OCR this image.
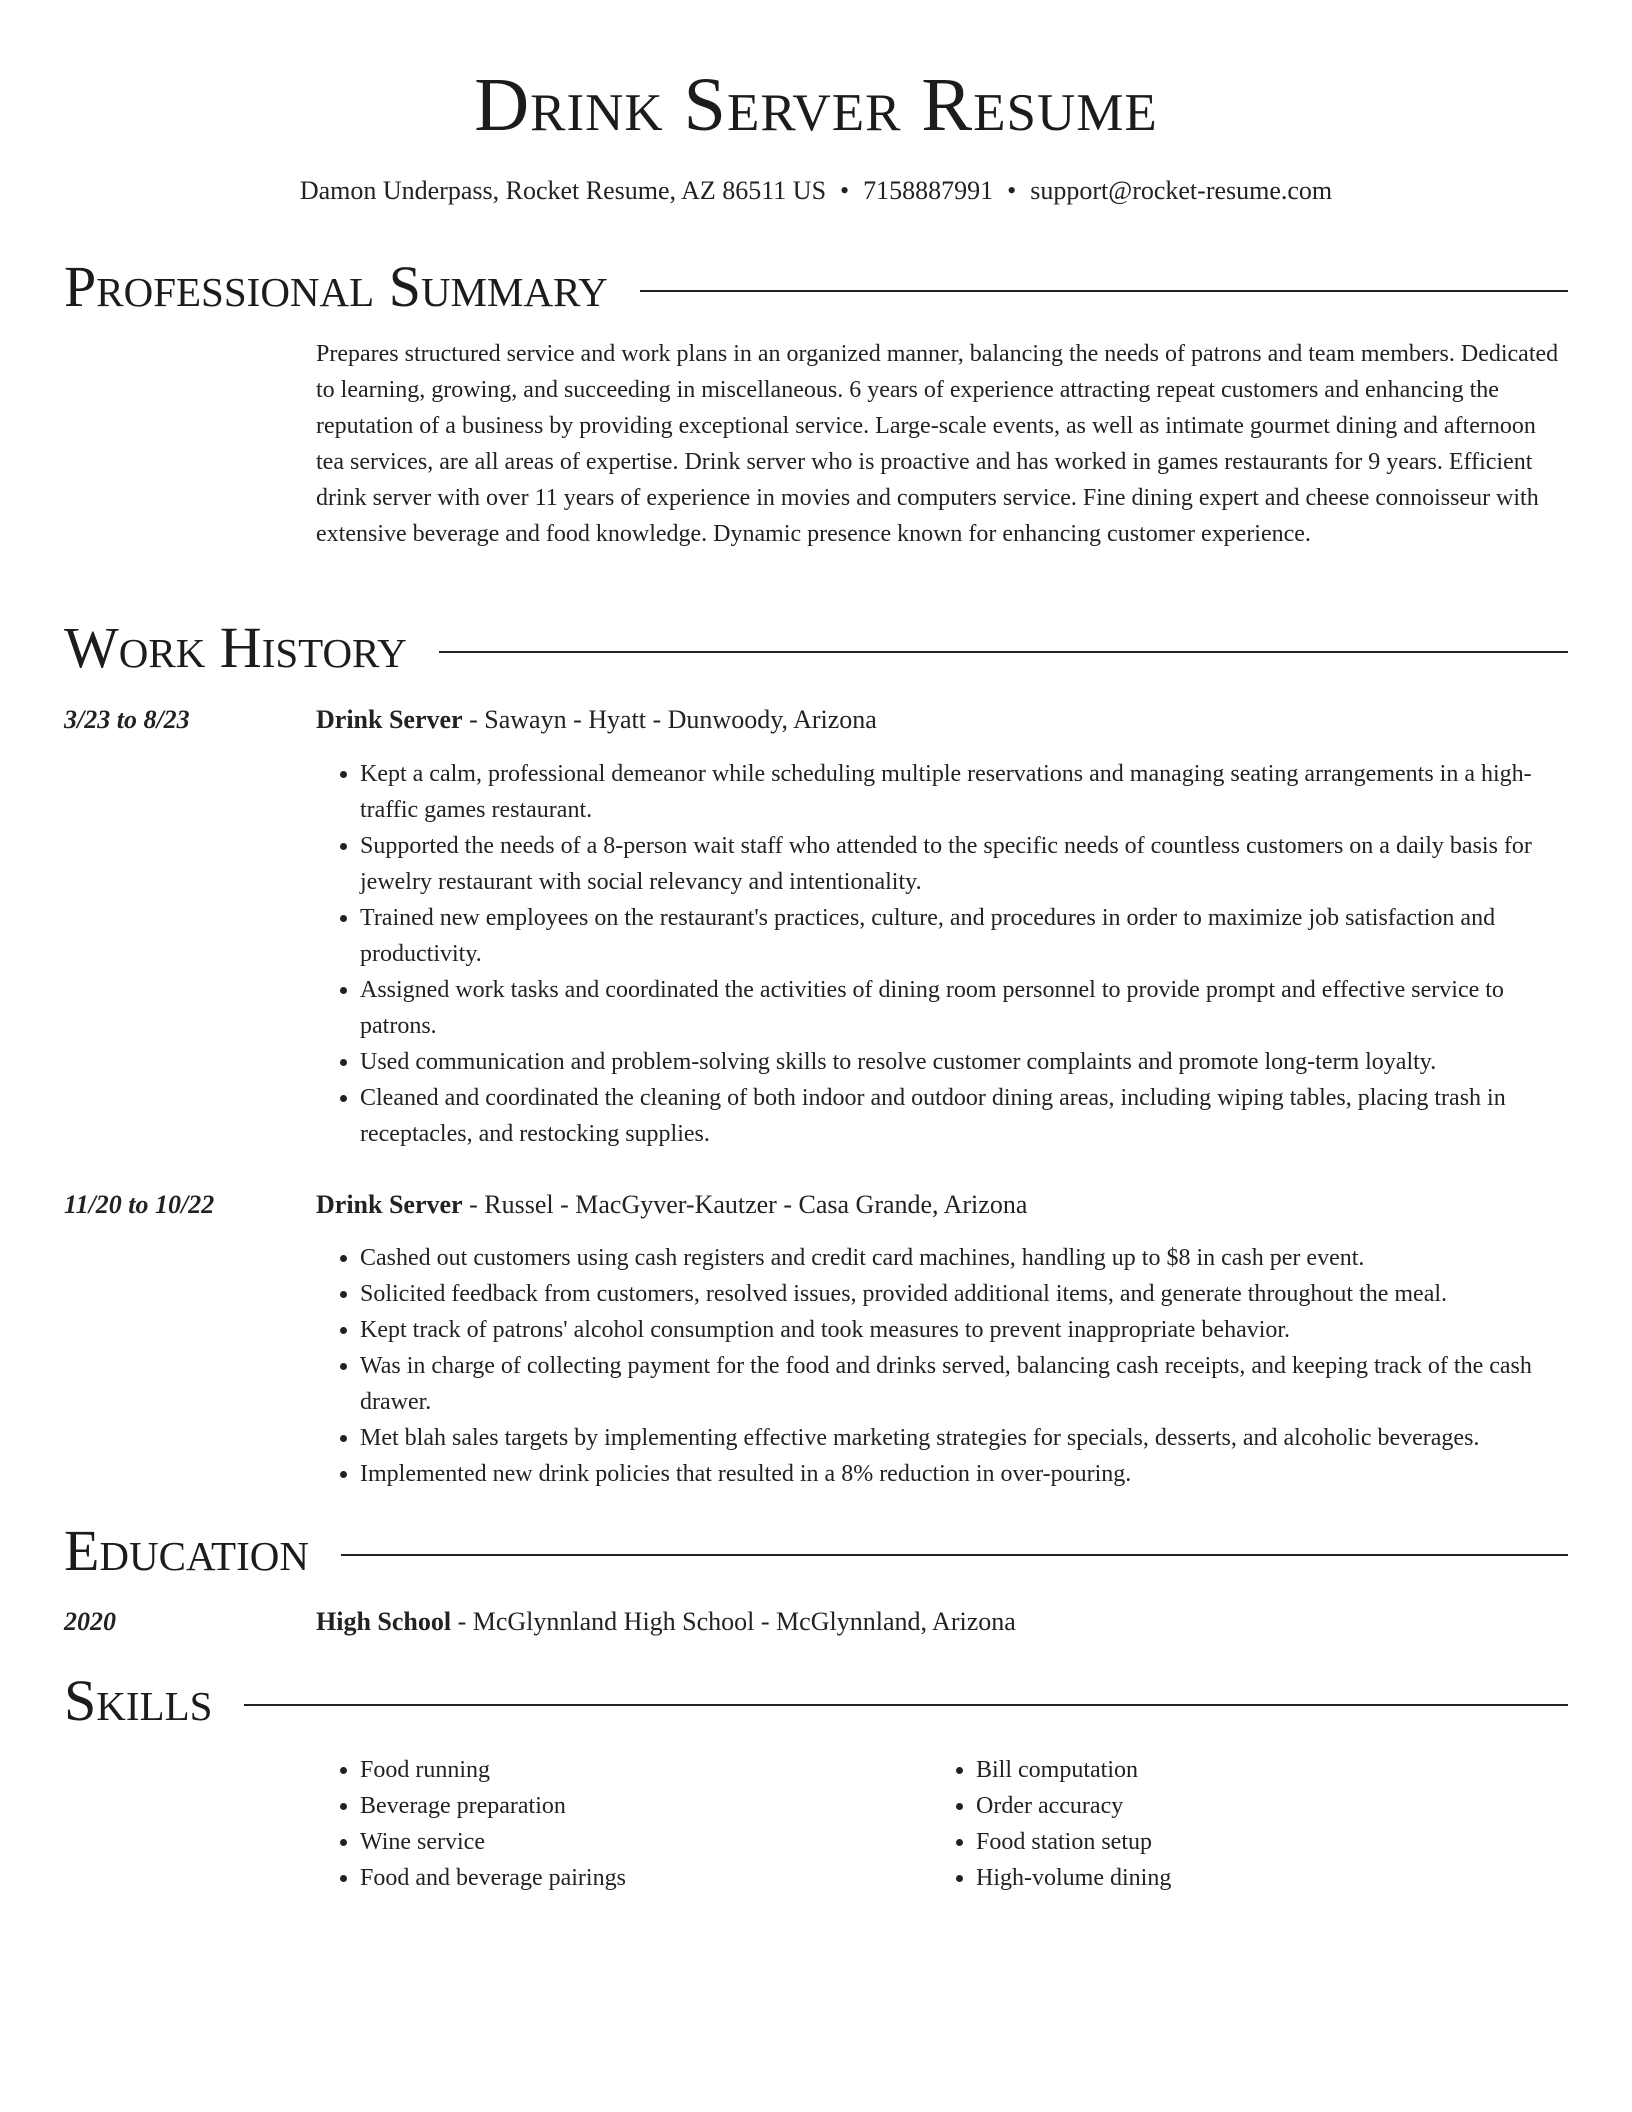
Drink Server Resume
Damon Underpass, Rocket Resume, AZ 86511 US • 7158887991 • support@rocket-resume.com
Professional Summary
Prepares structured service and work plans in an organized manner, balancing the needs of patrons and team members. Dedicated to learning, growing, and succeeding in miscellaneous. 6 years of experience attracting repeat customers and enhancing the reputation of a business by providing exceptional service. Large-scale events, as well as intimate gourmet dining and afternoon tea services, are all areas of expertise. Drink server who is proactive and has worked in games restaurants for 9 years. Efficient drink server with over 11 years of experience in movies and computers service. Fine dining expert and cheese connoisseur with extensive beverage and food knowledge. Dynamic presence known for enhancing customer experience.
Work History
3/23 to 8/23	Drink Server - Sawayn - Hyatt - Dunwoody, Arizona
• Kept a calm, professional demeanor while scheduling multiple reservations and managing seating arrangements in a high-traffic games restaurant.
• Supported the needs of a 8-person wait staff who attended to the specific needs of countless customers on a daily basis for jewelry restaurant with social relevancy and intentionality.
• Trained new employees on the restaurant's practices, culture, and procedures in order to maximize job satisfaction and productivity.
• Assigned work tasks and coordinated the activities of dining room personnel to provide prompt and effective service to patrons.
• Used communication and problem-solving skills to resolve customer complaints and promote long-term loyalty.
• Cleaned and coordinated the cleaning of both indoor and outdoor dining areas, including wiping tables, placing trash in receptacles, and restocking supplies.
11/20 to 10/22	Drink Server - Russel - MacGyver-Kautzer - Casa Grande, Arizona
• Cashed out customers using cash registers and credit card machines, handling up to $8 in cash per event.
• Solicited feedback from customers, resolved issues, provided additional items, and generate throughout the meal.
• Kept track of patrons' alcohol consumption and took measures to prevent inappropriate behavior.
• Was in charge of collecting payment for the food and drinks served, balancing cash receipts, and keeping track of the cash drawer.
• Met blah sales targets by implementing effective marketing strategies for specials, desserts, and alcoholic beverages.
• Implemented new drink policies that resulted in a 8% reduction in over-pouring.
Education
2020	High School - McGlynnland High School - McGlynnland, Arizona
Skills
• Food running
• Beverage preparation
• Wine service
• Food and beverage pairings
• Bill computation
• Order accuracy
• Food station setup
• High-volume dining
